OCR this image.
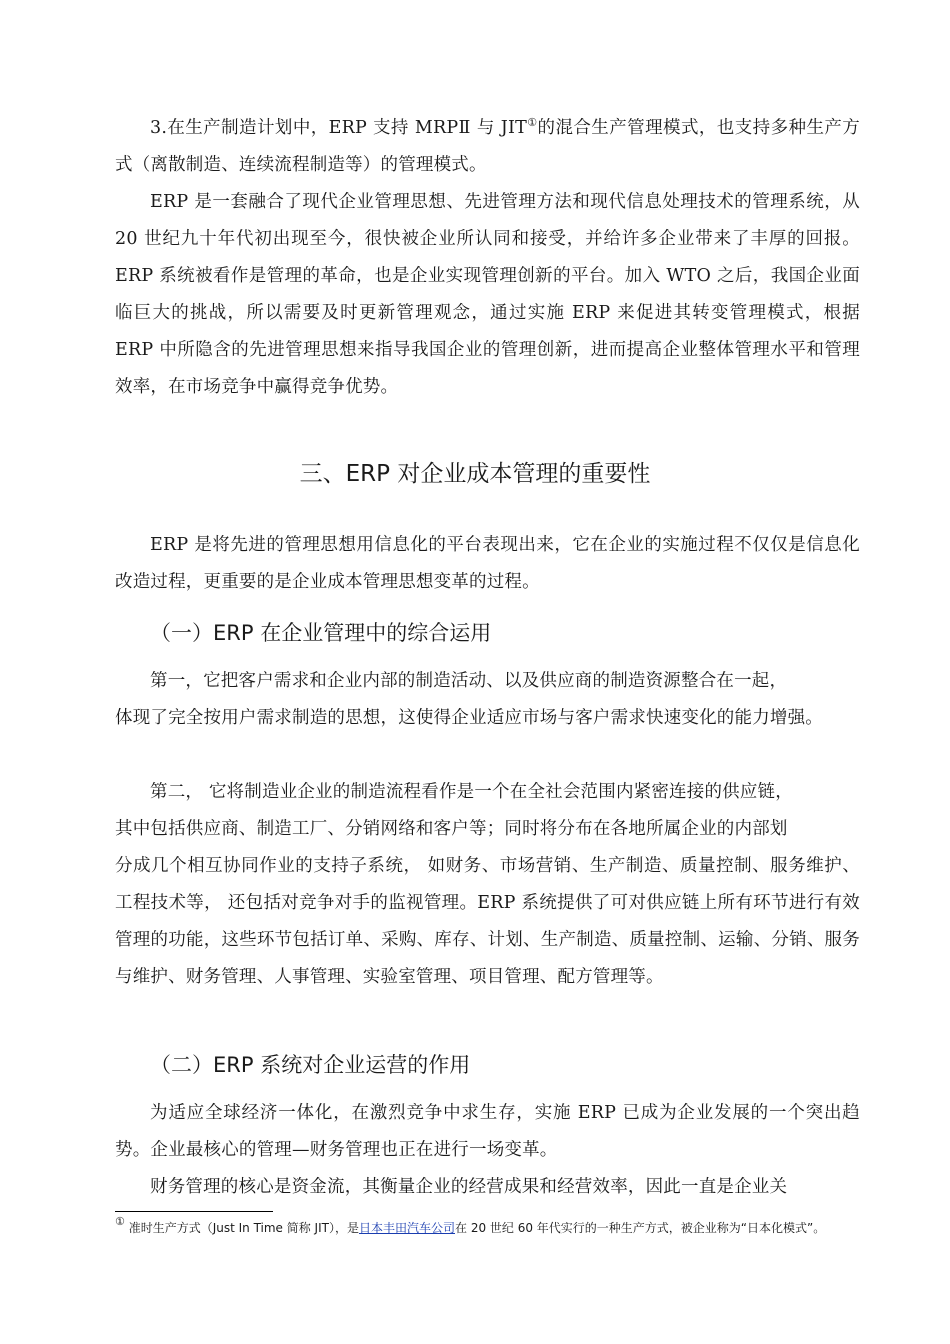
3.在生产制造计划中，ERP 支持 MRPⅡ 与 JIT①的混合生产管理模式，也支持多种生产方式（离散制造、连续流程制造等）的管理模式。

ERP 是一套融合了现代企业管理思想、先进管理方法和现代信息处理技术的管理系统，从 20 世纪九十年代初出现至今，很快被企业所认同和接受，并给许多企业带来了丰厚的回报。ERP 系统被看作是管理的革命，也是企业实现管理创新的平台。加入 WTO 之后，我国企业面临巨大的挑战，所以需要及时更新管理观念，通过实施 ERP 来促进其转变管理模式，根据 ERP 中所隐含的先进管理思想来指导我国企业的管理创新，进而提高企业整体管理水平和管理效率，在市场竞争中赢得竞争优势。

三、ERP 对企业成本管理的重要性

ERP 是将先进的管理思想用信息化的平台表现出来，它在企业的实施过程不仅仅是信息化改造过程，更重要的是企业成本管理思想变革的过程。

（一）ERP 在企业管理中的综合运用

第一，它把客户需求和企业内部的制造活动、以及供应商的制造资源整合在一起，

体现了完全按用户需求制造的思想，这使得企业适应市场与客户需求快速变化的能力增强。

第二， 它将制造业企业的制造流程看作是一个在全社会范围内紧密连接的供应链，

其中包括供应商、制造工厂、分销网络和客户等；同时将分布在各地所属企业的内部划

分成几个相互协同作业的支持子系统， 如财务、市场营销、生产制造、质量控制、服务维护、工程技术等， 还包括对竞争对手的监视管理。ERP 系统提供了可对供应链上所有环节进行有效管理的功能，这些环节包括订单、采购、库存、计划、生产制造、质量控制、运输、分销、服务与维护、财务管理、人事管理、实验室管理、项目管理、配方管理等。

（二）ERP 系统对企业运营的作用

为适应全球经济一体化，在激烈竞争中求生存，实施 ERP 已成为企业发展的一个突出趋势。企业最核心的管理—财务管理也正在进行一场变革。

财务管理的核心是资金流，其衡量企业的经营成果和经营效率，因此一直是企业关

① 准时生产方式（Just In Time 简称 JIT），是日本丰田汽车公司在 20 世纪 60 年代实行的一种生产方式，被企业称为“日本化模式”。
